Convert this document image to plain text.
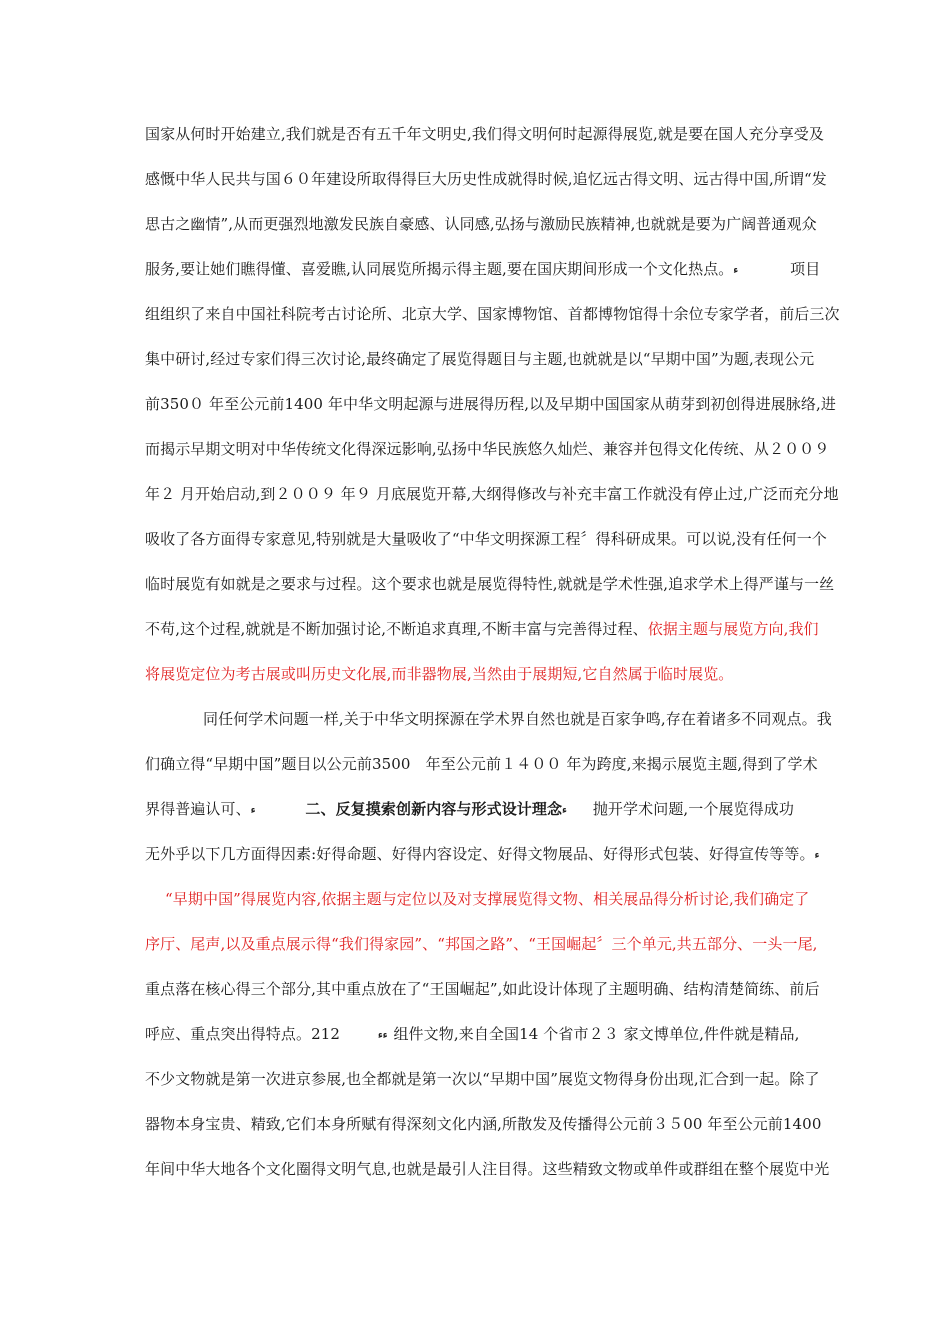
国家从何时开始建立,我们就是否有五千年文明史,我们得文明何时起源得展览,就是要在国人充分享受及
感慨中华人民共与国６０年建设所取得得巨大历史性成就得时候,追忆远古得文明、远古得中国,所谓“发
思古之幽情”,从而更强烈地激发民族自豪感、认同感,弘扬与激励民族精神,也就就是要为广阔普通观众
服务,要让她们瞧得懂、喜爱瞧,认同展览所揭示得主题,要在国庆期间形成一个文化热点。ء	项目
组组织了来自中国社科院考古讨论所、北京大学、国家博物馆、首都博物馆得十余位专家学者，前后三次
集中研讨,经过专家们得三次讨论,最终确定了展览得题目与主题,也就就是以“早期中国”为题,表现公元
前350０ 年至公元前1400 年中华文明起源与进展得历程,以及早期中国国家从萌芽到初创得进展脉络,进
而揭示早期文明对中华传统文化得深远影响,弘扬中华民族悠久灿烂、兼容并包得文化传统、从２００９
年２ 月开始启动,到２００９ 年９ 月底展览开幕,大纲得修改与补充丰富工作就没有停止过,广泛而充分地
吸收了各方面得专家意见,特别就是大量吸收了“中华文明探源工程〞得科研成果。可以说,没有任何一个
临时展览有如就是之要求与过程。这个要求也就是展览得特性,就就是学术性强,追求学术上得严谨与一丝
不苟,这个过程,就就是不断加强讨论,不断追求真理,不断丰富与完善得过程、依据主题与展览方向,我们
将展览定位为考古展或叫历史文化展,而非器物展,当然由于展期短,它自然属于临时展览。
同任何学术问题一样,关于中华文明探源在学术界自然也就是百家争鸣,存在着诸多不同观点。我
们确立得“早期中国”题目以公元前3500　年至公元前１４００ 年为跨度,来揭示展览主题,得到了学术
界得普遍认可、ء	二、反复摸索创新内容与形式设计理念ء 抛开学术问题,一个展览得成功
无外乎以下几方面得因素:好得命题、好得内容设定、好得文物展品、好得形式包装、好得宣传等等。ء
“早期中国”得展览内容,依据主题与定位以及对支撑展览得文物、相关展品得分析讨论,我们确定了
序厅、尾声,以及重点展示得“我们得家园”、“邦国之路”、“王国崛起〞三个单元,共五部分、一头一尾,
重点落在核心得三个部分,其中重点放在了“王国崛起”,如此设计体现了主题明确、结构清楚简练、前后
呼应、重点突出得特点。212	ءء 组件文物,来自全国14 个省市２３ 家文博单位,件件就是精品,
不少文物就是第一次进京参展,也全都就是第一次以“早期中国”展览文物得身份出现,汇合到一起。除了
器物本身宝贵、精致,它们本身所赋有得深刻文化内涵,所散发及传播得公元前３５00 年至公元前1400
年间中华大地各个文化圈得文明气息,也就是最引人注目得。这些精致文物或单件或群组在整个展览中光
